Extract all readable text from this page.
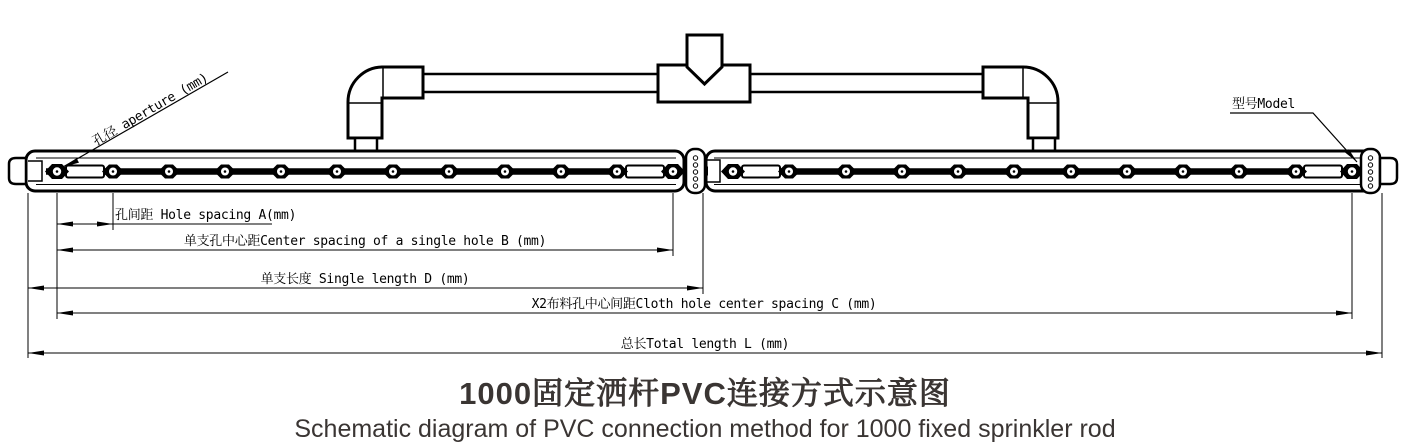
孔间距 Hole spacing A(mm)
单支孔中心距Center spacing of a single hole B (mm)
单支长度 Single length D (mm)
X2布料孔中心间距Cloth hole center spacing C (mm)
总长Total length L (mm)
孔径 aperture (mm)	型号Model
1000固定洒杆PVC连接方式示意图
Schematic diagram of PVC connection method for 1000 fixed sprinkler rod
